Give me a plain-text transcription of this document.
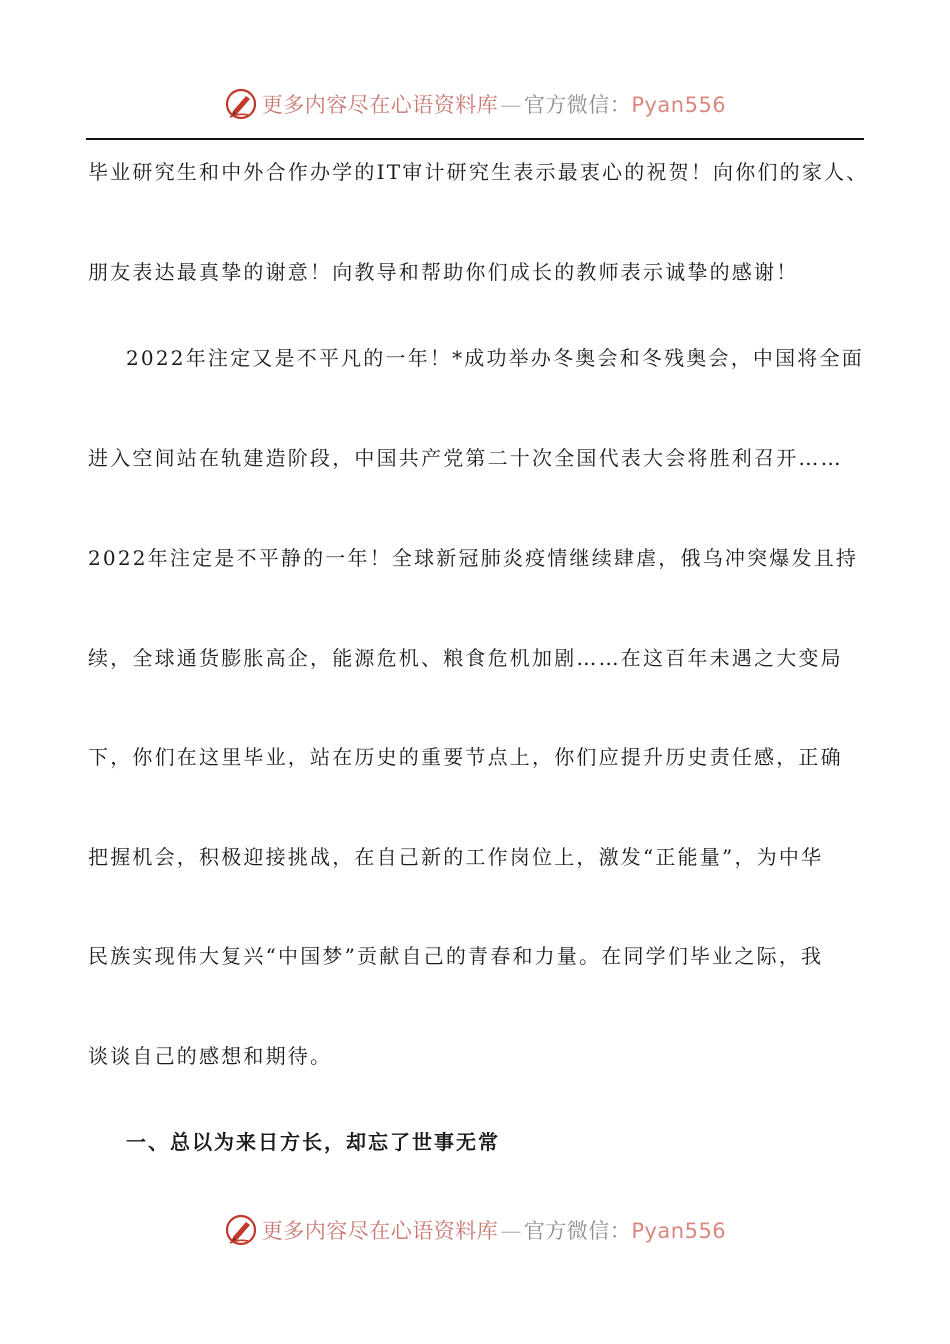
更多内容尽在心语资料库—官方微信：Pyan556
毕业研究生和中外合作办学的IT审计研究生表示最衷心的祝贺！向你们的家人、
朋友表达最真挚的谢意！向教导和帮助你们成长的教师表示诚挚的感谢！
2022年注定又是不平凡的一年！*成功举办冬奥会和冬残奥会，中国将全面
进入空间站在轨建造阶段，中国共产党第二十次全国代表大会将胜利召开……
2022年注定是不平静的一年！全球新冠肺炎疫情继续肆虐，俄乌冲突爆发且持
续，全球通货膨胀高企，能源危机、粮食危机加剧……在这百年未遇之大变局
下，你们在这里毕业，站在历史的重要节点上，你们应提升历史责任感，正确
把握机会，积极迎接挑战，在自己新的工作岗位上，激发“正能量”，为中华
民族实现伟大复兴“中国梦”贡献自己的青春和力量。在同学们毕业之际，我
谈谈自己的感想和期待。
一、总以为来日方长，却忘了世事无常
更多内容尽在心语资料库—官方微信：Pyan556
